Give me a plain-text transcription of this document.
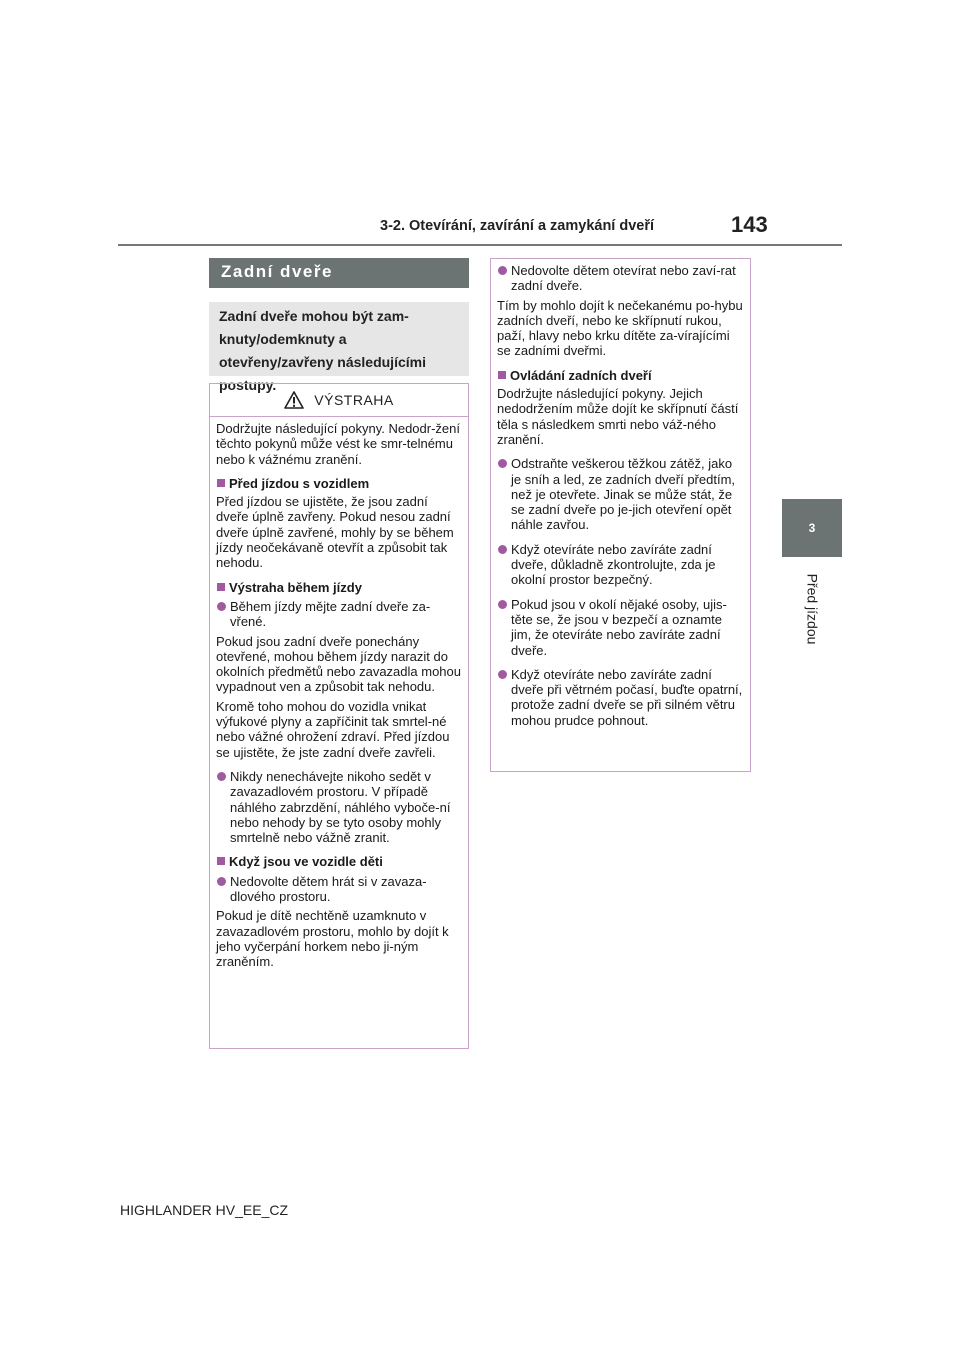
3-2. Otevírání, zavírání a zamykání dveří	143
3
Před jízdou
Zadní dveře
Zadní dveře mohou být zam-knuty/odemknuty a otevřeny/zavřeny následujícími postupy.
VÝSTRAHA

Dodržujte následující pokyny. Nedodr-žení těchto pokynů může vést ke smr-telnému nebo k vážnému zranění.

Před jízdou s vozidlem

Před jízdou se ujistěte, že jsou zadní dveře úplně zavřeny. Pokud nesou zadní dveře úplně zavřené, mohly by se během jízdy neočekávaně otevřít a způsobit tak nehodu.

Výstraha během jízdy
Během jízdy mějte zadní dveře za-vřené.

Pokud jsou zadní dveře ponechány otevřené, mohou během jízdy narazit do okolních předmětů nebo zavazadla mohou vypadnout ven a způsobit tak nehodu.

Kromě toho mohou do vozidla vnikat výfukové plyny a zapříčinit tak smrtel-né nebo vážné ohrožení zdraví. Před jízdou se ujistěte, že jste zadní dveře zavřeli.

Nikdy nenechávejte nikoho sedět v zavazadlovém prostoru. V případě náhlého zabrzdění, náhlého vyboče-ní nebo nehody by se tyto osoby mohly smrtelně nebo vážně zranit.
Když jsou ve vozidle děti
Nedovolte dětem hrát si v zavaza-dlového prostoru.

Pokud je dítě nechtěně uzamknuto v zavazadlovém prostoru, mohlo by dojít k jeho vyčerpání horkem nebo ji-ným zraněním.

Nedovolte dětem otevírat nebo zaví-rat zadní dveře.

Tím by mohlo dojít k nečekanému po-hybu zadních dveří, nebo ke skřípnutí rukou, paží, hlavy nebo krku dítěte za-vírajícími se zadními dveřmi.

Ovládání zadních dveří

Dodržujte následující pokyny. Jejich nedodržením může dojít ke skřípnutí částí těla s následkem smrti nebo váž-ného zranění.

Odstraňte veškerou těžkou zátěž, jako je sníh a led, ze zadních dveří předtím, než je otevřete. Jinak se může stát, že se zadní dveře po je-jich otevření opět náhle zavřou.
Když otevíráte nebo zavíráte zadní dveře, důkladně zkontrolujte, zda je okolní prostor bezpečný.
Pokud jsou v okolí nějaké osoby, ujis-těte se, že jsou v bezpečí a oznamte jim, že otevíráte nebo zavíráte zadní dveře.
Když otevíráte nebo zavíráte zadní dveře při větrném počasí, buďte opatrní, protože zadní dveře se při silném větru mohou prudce pohnout.
HIGHLANDER HV_EE_CZ
